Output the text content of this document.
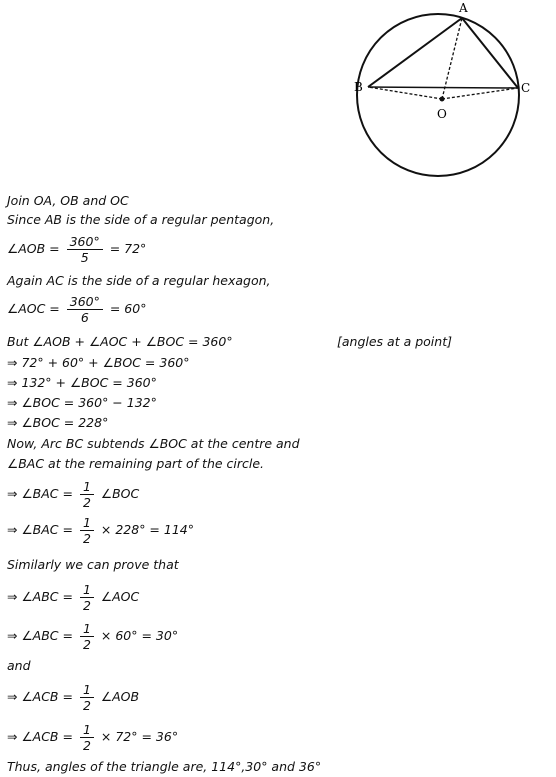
A
B	C
O
Join OA, OB and OC
Since AB is the side of a regular pentagon,
∠AOB = $\frac{360^\circ}{5} = 72^\circ$
Again AC is the side of a regular hexagon,
∠AOC = $\frac{360^\circ}{6} = 60^\circ$
But ∠AOB + ∠AOC + ∠BOC = 360°	[angles at a point]
⇒ 72° + 60° + ∠BOC = 360°
⇒ 132° + ∠BOC = 360°
⇒ ∠BOC = 360° − 132°
⇒ ∠BOC = 228°
Now, Arc BC subtends ∠BOC at the centre and
∠BAC at the remaining part of the circle.
⇒ ∠BAC = $\frac{1}{2}$ ∠BOC
⇒ ∠BAC = $\frac{1}{2} \times 228^\circ = 114^\circ$
Similarly we can prove that
⇒ ∠ABC = $\frac{1}{2}$ ∠AOC
⇒ ∠ABC = $\frac{1}{2} \times 60^\circ = 30^\circ$
and
⇒ ∠ACB = $\frac{1}{2}$ ∠AOB
⇒ ∠ACB = $\frac{1}{2} \times 72^\circ = 36^\circ$
Thus, angles of the triangle are, 114°,30° and 36°
